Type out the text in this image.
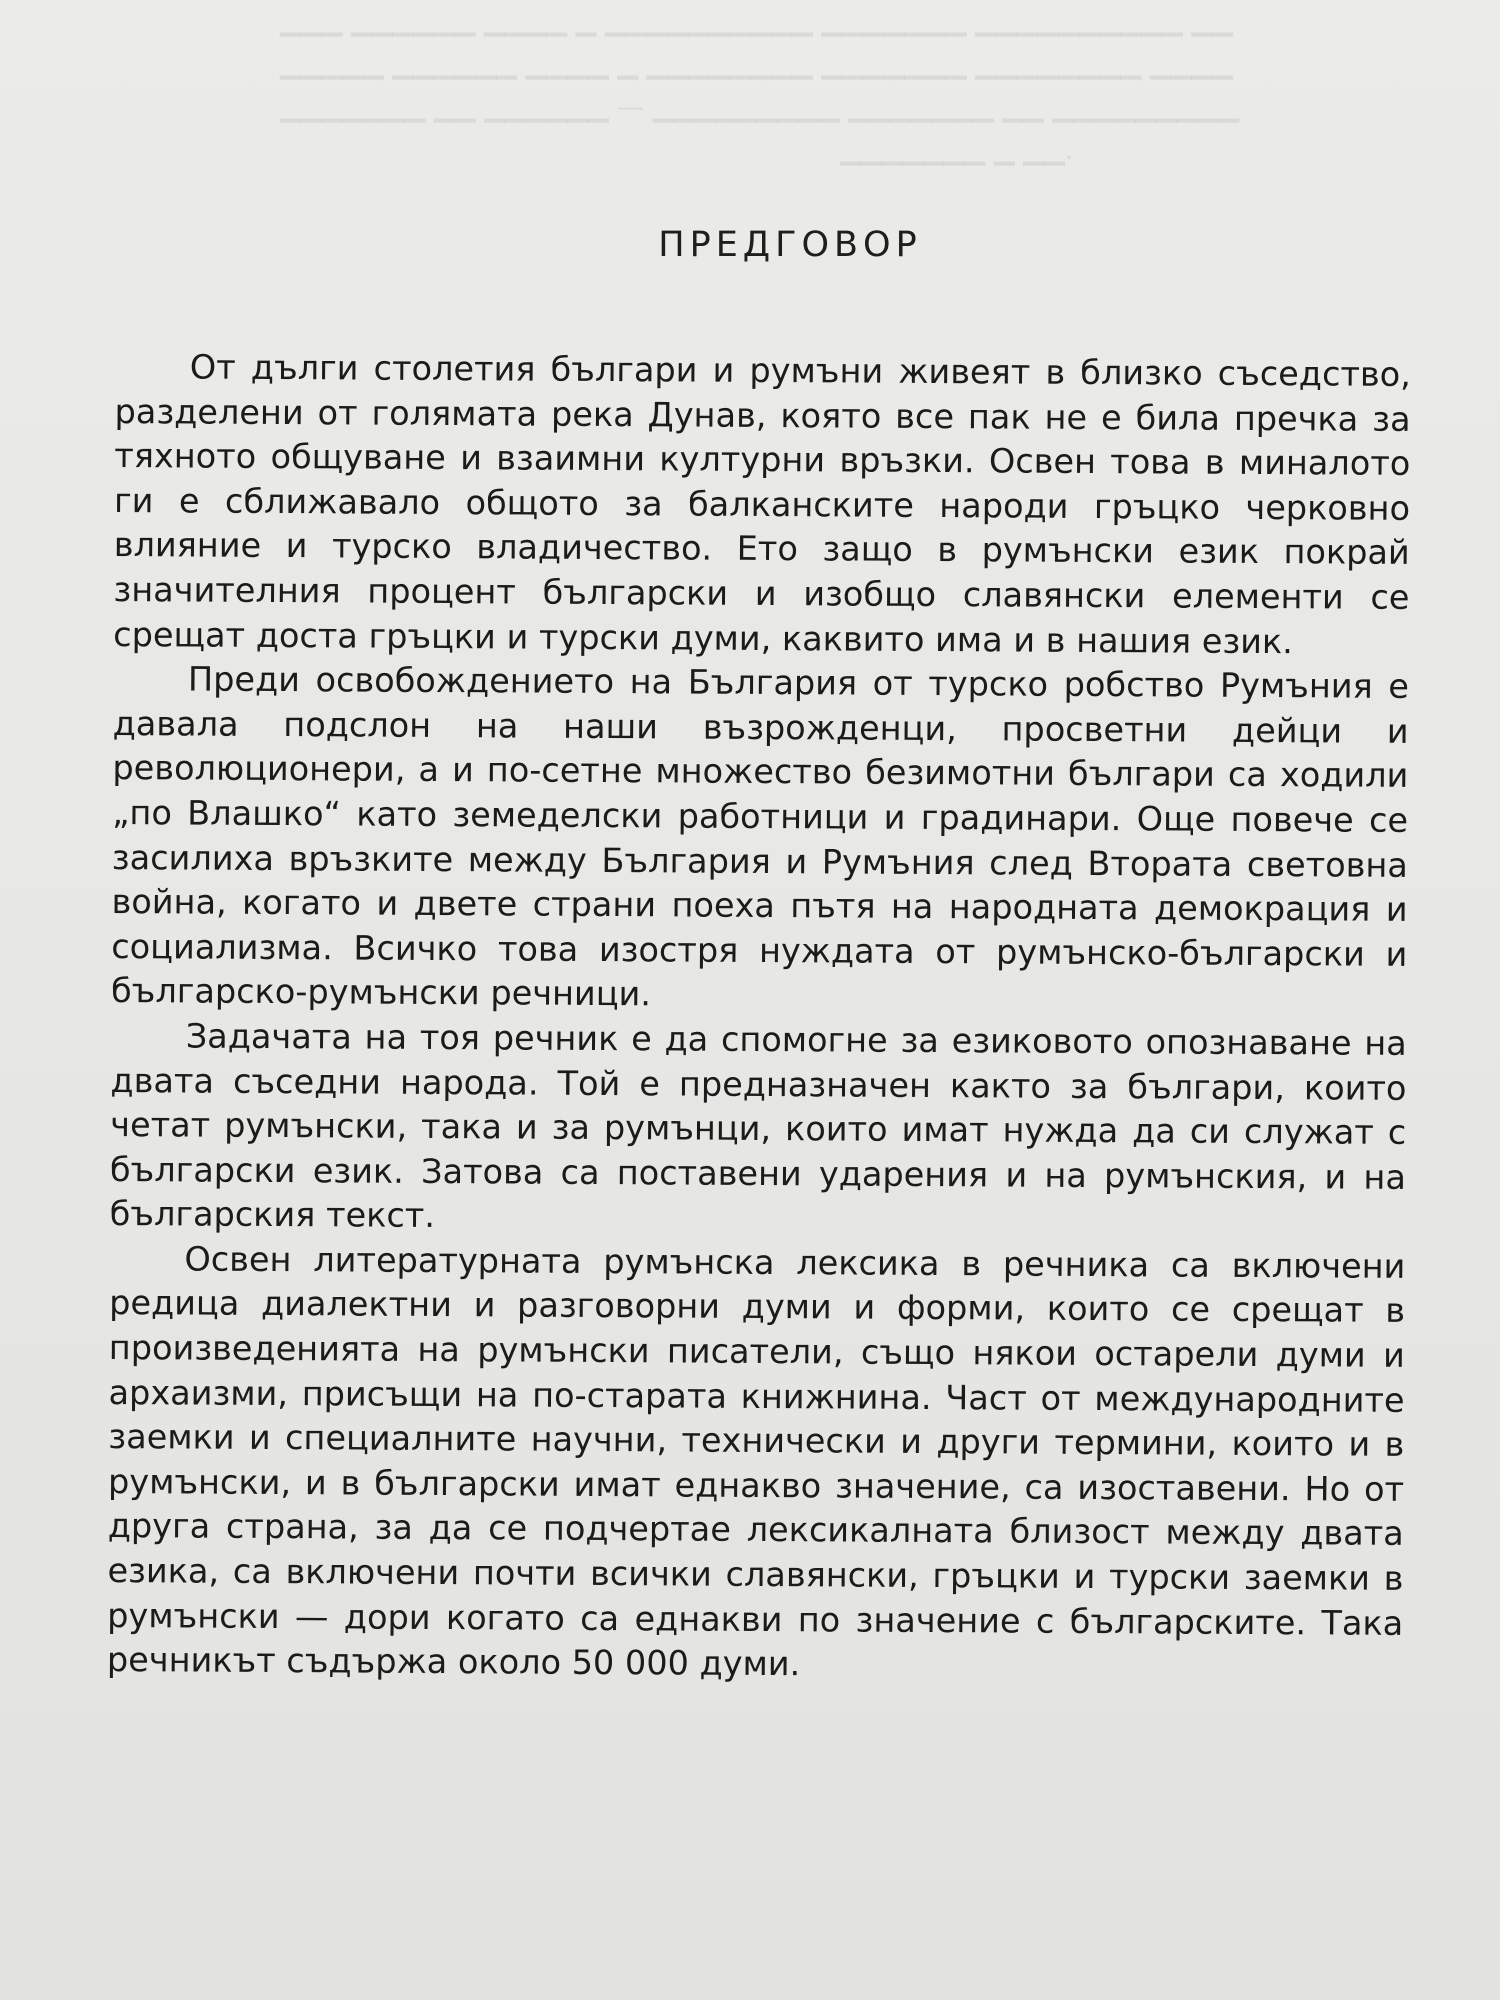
▁▁▁ ▁▁▁▁▁▁ ▁▁▁▁ ▁ ▁▁▁▁▁▁▁▁▁▁ ▁▁▁▁▁▁▁ ▁▁▁▁▁▁▁▁▁▁ ▁▁
▁▁▁▁▁ ▁▁▁▁▁▁ ▁▁▁▁ ▁ ▁▁▁▁▁▁▁▁ ▁▁▁▁▁▁▁ ▁▁▁▁▁▁▁▁ ▁▁▁▁
▁▁▁▁▁▁▁ ▁▁ ▁▁▁▁▁▁ — ▁▁▁▁▁▁▁▁▁ ▁▁▁▁▁▁▁ ▁▁ ▁▁▁▁▁▁▁▁▁
▁▁▁▁▁▁▁ ▁ ▁▁.
ПРЕДГОВОР

От дълги столетия българи и румъни живеят в близко съседство, разделени от голямата река Дунав, която все пак не е била пречка за тяхното общуване и взаимни културни връзки. Освен това в миналото ги е сближавало общото за балканските народи гръцко черковно влияние и турско владичество. Ето защо в румънски език покрай значителния процент български и изобщо славянски елементи се срещат доста гръцки и турски думи, каквито има и в нашия език.

Преди освобождението на България от турско робство Румъния е давала подслон на наши възрожденци, просветни дейци и революционери, а и по-сетне множество безимотни българи са ходили „по Влашко“ като земеделски работници и градинари. Още повече се засилиха връзките между България и Румъния след Втората световна война, когато и двете страни поеха пътя на народната демокрация и социализма. Всичко това изостря нуждата от румънско-български и българско-румънски речници.

Задачата на тоя речник е да спомогне за езиковото опознаване на двата съседни народа. Той е предназначен както за българи, които четат румънски, така и за румънци, които имат нужда да си служат с български език. Затова са поставени ударения и на румънския, и на българския текст.

Освен литературната румънска лексика в речника са включени редица диалектни и разговорни думи и форми, които се срещат в произведенията на румънски писатели, също някои остарели думи и архаизми, присъщи на по-старата книжнина. Част от международните заемки и специалните научни, технически и други термини, които и в румънски, и в български имат еднакво значение, са изоставени. Но от друга страна, за да се подчертае лексикалната близост между двата езика, са включени почти всички славянски, гръцки и турски заемки в румънски — дори когато са еднакви по значение с българските. Така речникът съдържа около 50 000 думи.
